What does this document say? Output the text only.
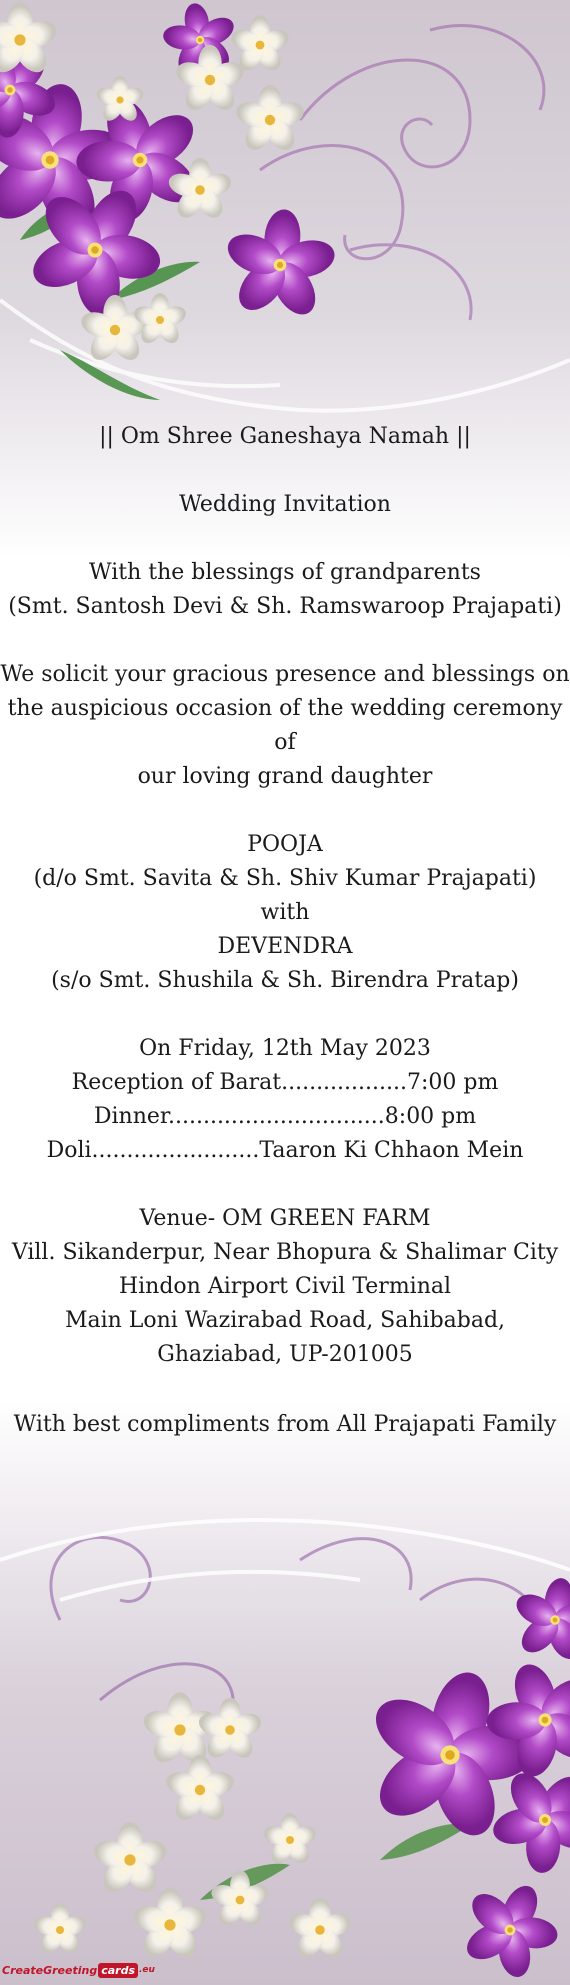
|| Om Shree Ganeshaya Namah ||

Wedding Invitation

With the blessings of grandparents

(Smt. Santosh Devi & Sh. Ramswaroop Prajapati)

We solicit your gracious presence and blessings on

the auspicious occasion of the wedding ceremony of

our loving grand daughter

POOJA

(d/o Smt. Savita & Sh. Shiv Kumar Prajapati)

with

DEVENDRA

(s/o Smt. Shushila & Sh. Birendra Pratap)

On Friday, 12th May 2023

Reception of Barat..................7:00 pm

Dinner...............................8:00 pm

Doli........................Taaron Ki Chhaon Mein

Venue- OM GREEN FARM

Vill. Sikanderpur, Near Bhopura & Shalimar City

Hindon Airport Civil Terminal

Main Loni Wazirabad Road, Sahibabad,

Ghaziabad, UP-201005

With best compliments from All Prajapati Family

CreateGreeting cards .eu
